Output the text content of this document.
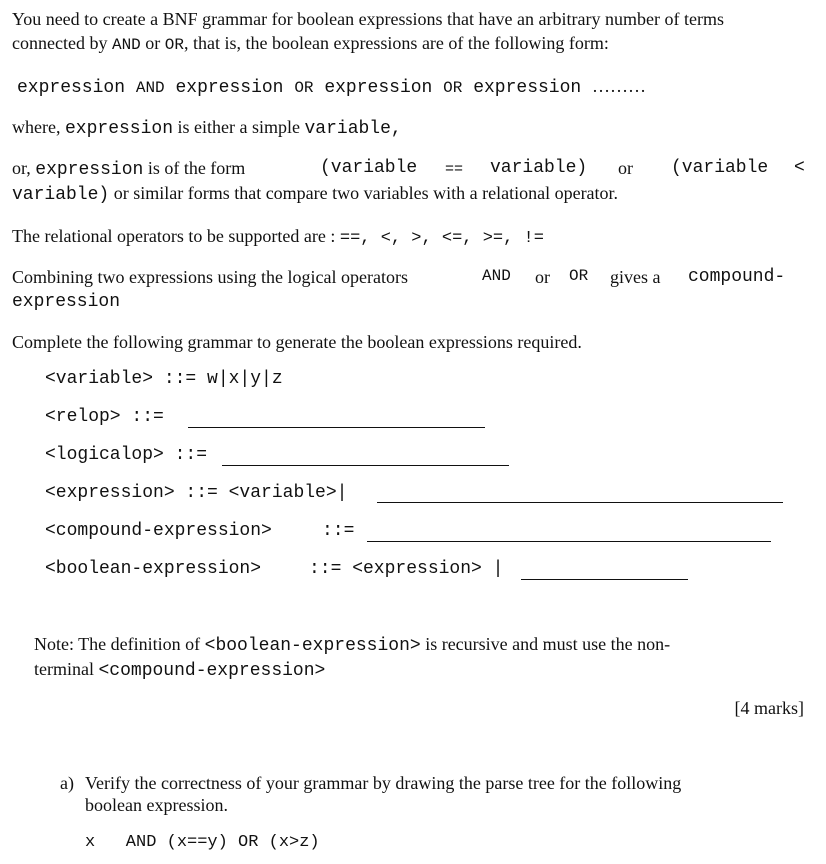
You need to create a BNF grammar for boolean expressions that have an arbitrary number of terms
connected by AND or OR, that is, the boolean expressions are of the following form:
expression AND expression OR expression OR expression ………
where, expression is either a simple variable,
or, expression is of the form	(variable == variable) or (variable <
variable) or similar forms that compare two variables with a relational operator.
The relational operators to be supported are : ==, <, >, <=, >=, !=
Combining two expressions using the logical operators	AND or OR gives a compound-
expression
Complete the following grammar to generate the boolean expressions required.
<variable> ::= w|x|y|z
<relop> ::=
<logicalop> ::=
<expression> ::= <variable>|
<compound-expression>	::=
<boolean-expression>	::= <expression> |
Note: The definition of <boolean-expression> is recursive and must use the non-
terminal <compound-expression>
[4 marks]
a) Verify the correctness of your grammar by drawing the parse tree for the following
boolean expression.
x   AND (x==y) OR (x>z)
